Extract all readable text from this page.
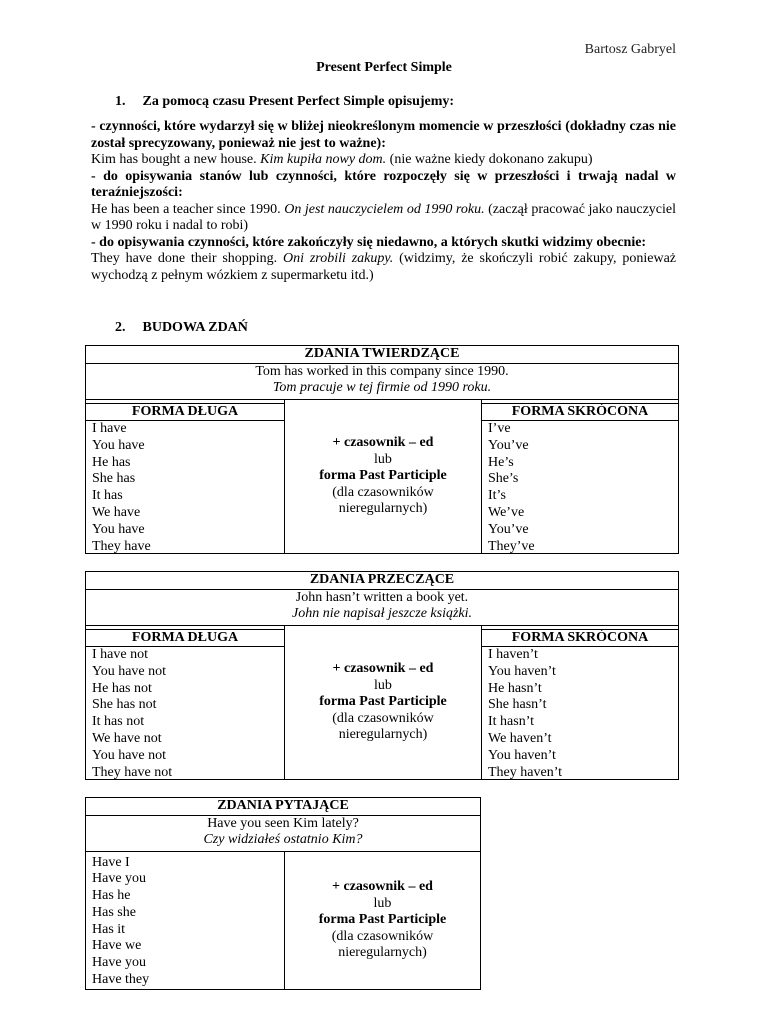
Bartosz Gabryel
Present Perfect Simple
1. Za pomocą czasu Present Perfect Simple opisujemy:

- czynności, które wydarzył się w bliżej nieokreślonym momencie w przeszłości (dokładny czas nie został sprecyzowany, ponieważ nie jest to ważne):

Kim has bought a new house. Kim kupiła nowy dom. (nie ważne kiedy dokonano zakupu)

- do opisywania stanów lub czynności, które rozpoczęły się w przeszłości i trwają nadal w teraźniejszości:

He has been a teacher since 1990. On jest nauczycielem od 1990 roku. (zaczął pracować jako nauczyciel w 1990 roku i nadal to robi)

- do opisywania czynności, które zakończyły się niedawno, a których skutki widzimy obecnie:

They have done their shopping. Oni zrobili zakupy. (widzimy, że skończyli robić zakupy, ponieważ wychodzą z pełnym wózkiem z supermarketu itd.)

2. BUDOWA ZDAŃ
ZDANIA TWIERDZĄCE
Tom has worked in this company since 1990.
Tom pracuje w tej firmie od 1990 roku.
FORMA DŁUGA
I have
You have
He has
She has
It has
We have
You have
They have
+ czasownik – ed
lub
forma Past Participle
(dla czasowników
nieregularnych)
FORMA SKRÓCONA
I’ve
You’ve
He’s
She’s
It’s
We’ve
You’ve
They’ve
ZDANIA PRZECZĄCE
John hasn’t written a book yet.
John nie napisał jeszcze książki.
FORMA DŁUGA
I have not
You have not
He has not
She has not
It has not
We have not
You have not
They have not
+ czasownik – ed
lub
forma Past Participle
(dla czasowników
nieregularnych)
FORMA SKRÓCONA
I haven’t
You haven’t
He hasn’t
She hasn’t
It hasn’t
We haven’t
You haven’t
They haven’t
ZDANIA PYTAJĄCE
Have you seen Kim lately?
Czy widziałeś ostatnio Kim?
Have I
Have you
Has he
Has she
Has it
Have we
Have you
Have they
+ czasownik – ed
lub
forma Past Participle
(dla czasowników
nieregularnych)
